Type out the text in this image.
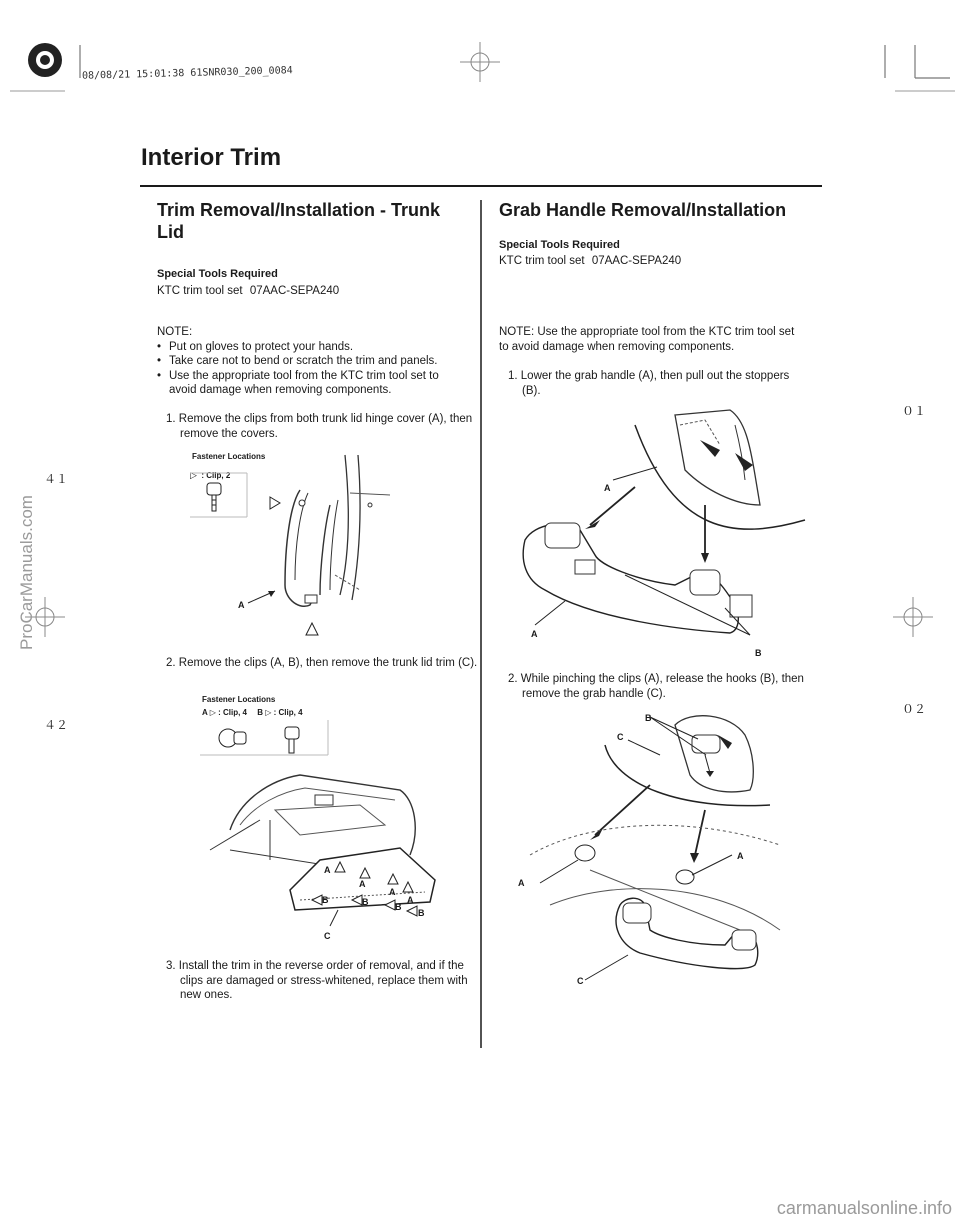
08/08/21 15:01:38 61SNR030_200_0084
Interior Trim
０１
０２
４１
４２
Trim Removal/Installation - Trunk Lid
Special Tools Required
KTC trim tool set 07AAC-SEPA240
NOTE:
• Put on gloves to protect your hands.
• Take care not to bend or scratch the trim and panels.
• Use the appropriate tool from the KTC trim tool set to avoid damage when removing components.
1. Remove the clips from both trunk lid hinge cover (A), then remove the covers.
Fastener Locations
▷ : Clip, 2
A
2. Remove the clips (A, B), then remove the trunk lid trim (C).
Fastener Locations
A ▷ : Clip, 4 B ▷ : Clip, 4
A
A
A
A
B	B	B
B
C
3. Install the trim in the reverse order of removal, and if the clips are damaged or stress-whitened, replace them with new ones.
Grab Handle Removal/Installation
Special Tools Required
KTC trim tool set 07AAC-SEPA240
NOTE: Use the appropriate tool from the KTC trim tool set to avoid damage when removing components.
1. Lower the grab handle (A), then pull out the stoppers (B).
A
A
B
2. While pinching the clips (A), release the hooks (B), then remove the grab handle (C).
B
C
A
A
C
ProCarManuals.com
carmanualsonline.info
